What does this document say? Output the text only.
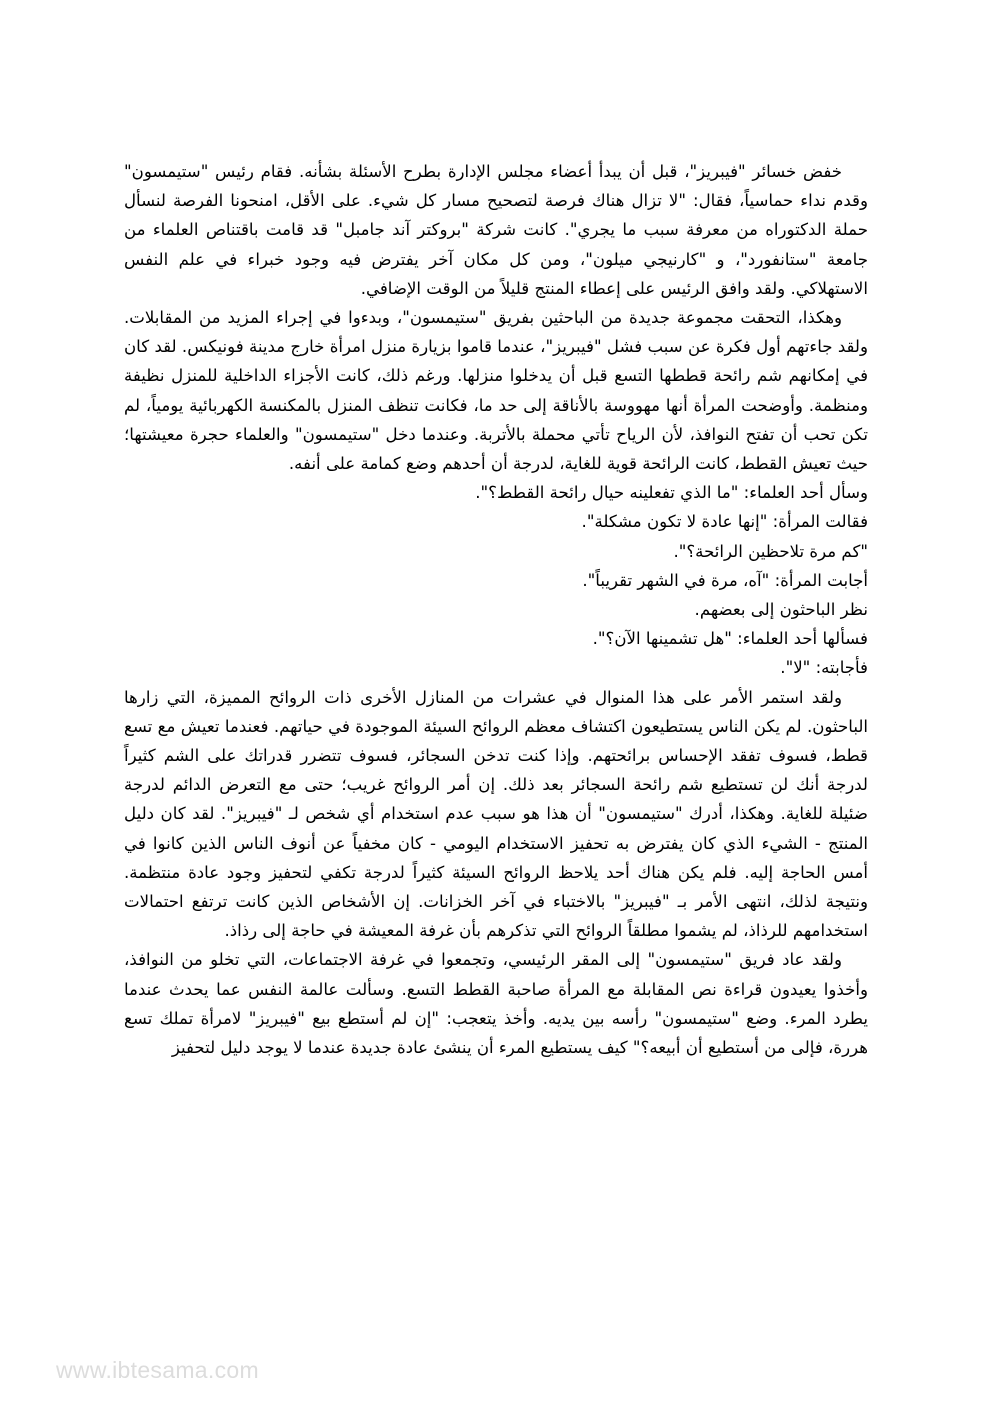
خفض خسائر "فيبريز"، قبل أن يبدأ أعضاء مجلس الإدارة بطرح الأسئلة بشأنه. فقام رئيس "ستيمسون" وقدم نداء حماسياً، فقال: "لا تزال هناك فرصة لتصحيح مسار كل شيء. على الأقل، امنحونا الفرصة لنسأل حملة الدكتوراه من معرفة سبب ما يجري". كانت شركة "بروكتر آند جامبل" قد قامت باقتناص العلماء من جامعة "ستانفورد"، و "كارنيجي ميلون"، ومن كل مكان آخر يفترض فيه وجود خبراء في علم النفس الاستهلاكي. ولقد وافق الرئيس على إعطاء المنتج قليلاً من الوقت الإضافي.

وهكذا، التحقت مجموعة جديدة من الباحثين بفريق "ستيمسون"، وبدءوا في إجراء المزيد من المقابلات. ولقد جاءتهم أول فكرة عن سبب فشل "فيبريز"، عندما قاموا بزيارة منزل امرأة خارج مدينة فونيكس. لقد كان في إمكانهم شم رائحة قططها التسع قبل أن يدخلوا منزلها. ورغم ذلك، كانت الأجزاء الداخلية للمنزل نظيفة ومنظمة. وأوضحت المرأة أنها مهووسة بالأناقة إلى حد ما، فكانت تنظف المنزل بالمكنسة الكهربائية يومياً، لم تكن تحب أن تفتح النوافذ، لأن الرياح تأتي محملة بالأتربة. وعندما دخل "ستيمسون" والعلماء حجرة معيشتها؛ حيث تعيش القطط، كانت الرائحة قوية للغاية، لدرجة أن أحدهم وضع كمامة على أنفه.

وسأل أحد العلماء: "ما الذي تفعلينه حيال رائحة القطط؟".
فقالت المرأة: "إنها عادة لا تكون مشكلة".
"كم مرة تلاحظين الرائحة؟".
أجابت المرأة: "آه، مرة في الشهر تقريباً".
نظر الباحثون إلى بعضهم.
فسألها أحد العلماء: "هل تشمينها الآن؟".
فأجابته: "لا".

ولقد استمر الأمر على هذا المنوال في عشرات من المنازل الأخرى ذات الروائح المميزة، التي زارها الباحثون. لم يكن الناس يستطيعون اكتشاف معظم الروائح السيئة الموجودة في حياتهم. فعندما تعيش مع تسع قطط، فسوف تفقد الإحساس برائحتهم. وإذا كنت تدخن السجائر، فسوف تتضرر قدراتك على الشم كثيراً لدرجة أنك لن تستطيع شم رائحة السجائر بعد ذلك. إن أمر الروائح غريب؛ حتى مع التعرض الدائم لدرجة ضئيلة للغاية. وهكذا، أدرك "ستيمسون" أن هذا هو سبب عدم استخدام أي شخص لـ "فيبريز". لقد كان دليل المنتج - الشيء الذي كان يفترض به تحفيز الاستخدام اليومي - كان مخفياً عن أنوف الناس الذين كانوا في أمس الحاجة إليه. فلم يكن هناك أحد يلاحظ الروائح السيئة كثيراً لدرجة تكفي لتحفيز وجود عادة منتظمة. ونتيجة لذلك، انتهى الأمر بـ "فيبريز" بالاختباء في آخر الخزانات. إن الأشخاص الذين كانت ترتفع احتمالات استخدامهم للرذاذ، لم يشموا مطلقاً الروائح التي تذكرهم بأن غرفة المعيشة في حاجة إلى رذاذ.

ولقد عاد فريق "ستيمسون" إلى المقر الرئيسي، وتجمعوا في غرفة الاجتماعات، التي تخلو من النوافذ، وأخذوا يعيدون قراءة نص المقابلة مع المرأة صاحبة القطط التسع. وسألت عالمة النفس عما يحدث عندما يطرد المرء. وضع "ستيمسون" رأسه بين يديه. وأخذ يتعجب: "إن لم أستطع بيع "فيبريز" لامرأة تملك تسع هررة، فإلى من أستطيع أن أبيعه؟" كيف يستطيع المرء أن ينشئ عادة جديدة عندما لا يوجد دليل لتحفيز

www.ibtesama.com
